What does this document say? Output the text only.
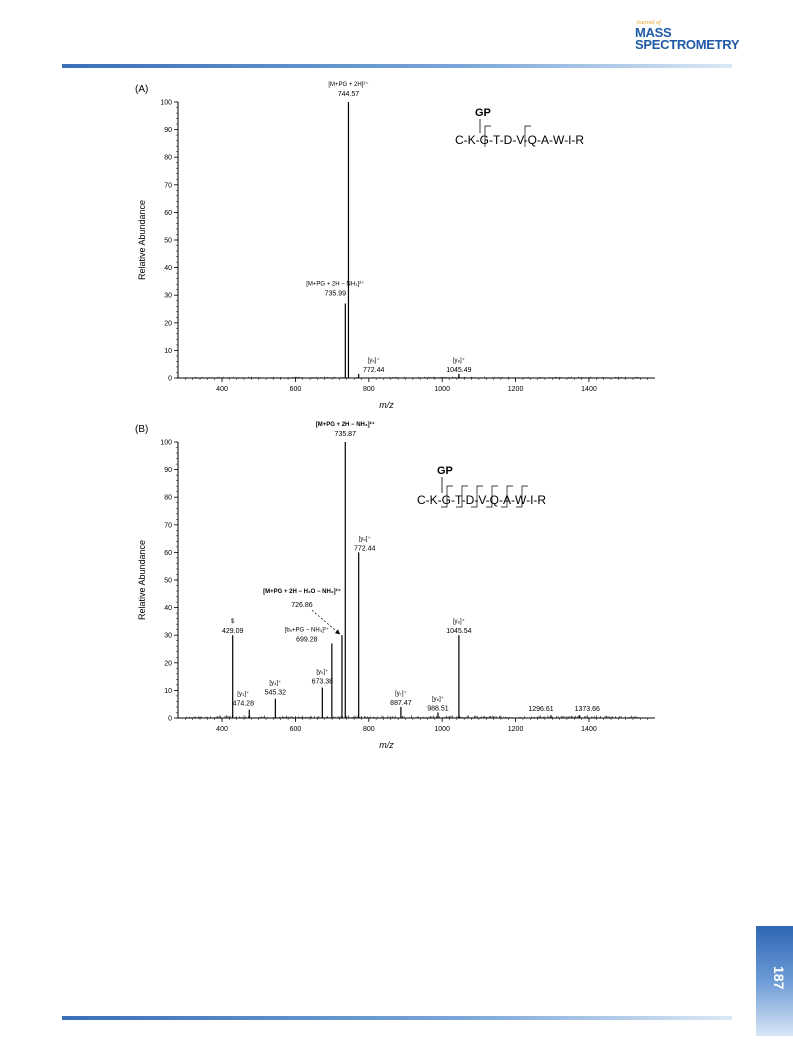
Journal of
MASS
SPECTROMETRY
0
10
20
30
40
50
60
70
80
90
100
400	600	800	1000	1200	1400
m/z
Relative Abundance
(A)	[M+PG + 2H]²⁺
744.57
[M+PG + 2H − NH₃]²⁺
735.99
[y₆]⁺
772.44
[y₈]⁺
1045.49
GP
C-K-G-T-D-V-Q-A-W-I-R
0
10
20
30
40
50
60
70
80
90
100
400	600	800	1000	1200	1400
m/z
Relative Abundance
(B)	[M+PG + 2H − NH₃]²⁺
735.87
[y₆]⁺
772.44
[M+PG + 2H − H₂O − NH₃]²⁺
726.86
[b₉+PG − NH₃]²⁺
699.28
$
429.09
[y₈]⁺
1045.54
[y₃]⁺
474.28
[y₄]⁺
545.32
[y₅]⁺
673.38
[y₇]⁺
887.47
[y₈]⁺
988.51	1296.61	1373.66
GP
C-K-G-T-D-V-Q-A-W-I-R
187
